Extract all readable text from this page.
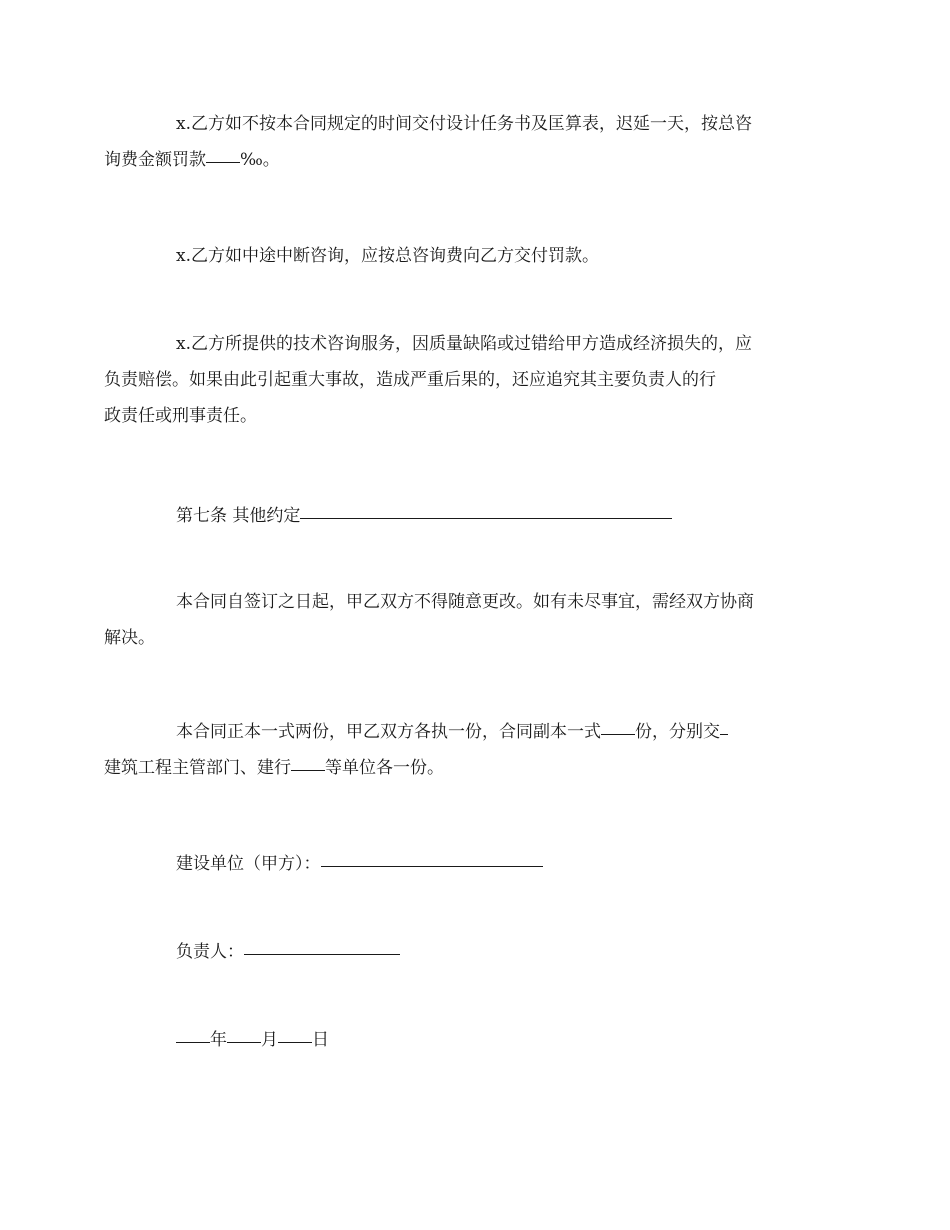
x.乙方如不按本合同规定的时间交付设计任务书及匡算表，迟延一天，按总咨
询费金额罚款 ‰。
x.乙方如中途中断咨询，应按总咨询费向乙方交付罚款。
x.乙方所提供的技术咨询服务，因质量缺陷或过错给甲方造成经济损失的，应
负责赔偿。如果由此引起重大事故，造成严重后果的，还应追究其主要负责人的行
政责任或刑事责任。
第七条 其他约定
本合同自签订之日起，甲乙双方不得随意更改。如有未尽事宜，需经双方协商
解决。
本合同正本一式两份，甲乙双方各执一份，合同副本一式 份，分别交
建筑工程主管部门、建行 等单位各一份。
建设单位（甲方）：
负责人：
年 月 日
